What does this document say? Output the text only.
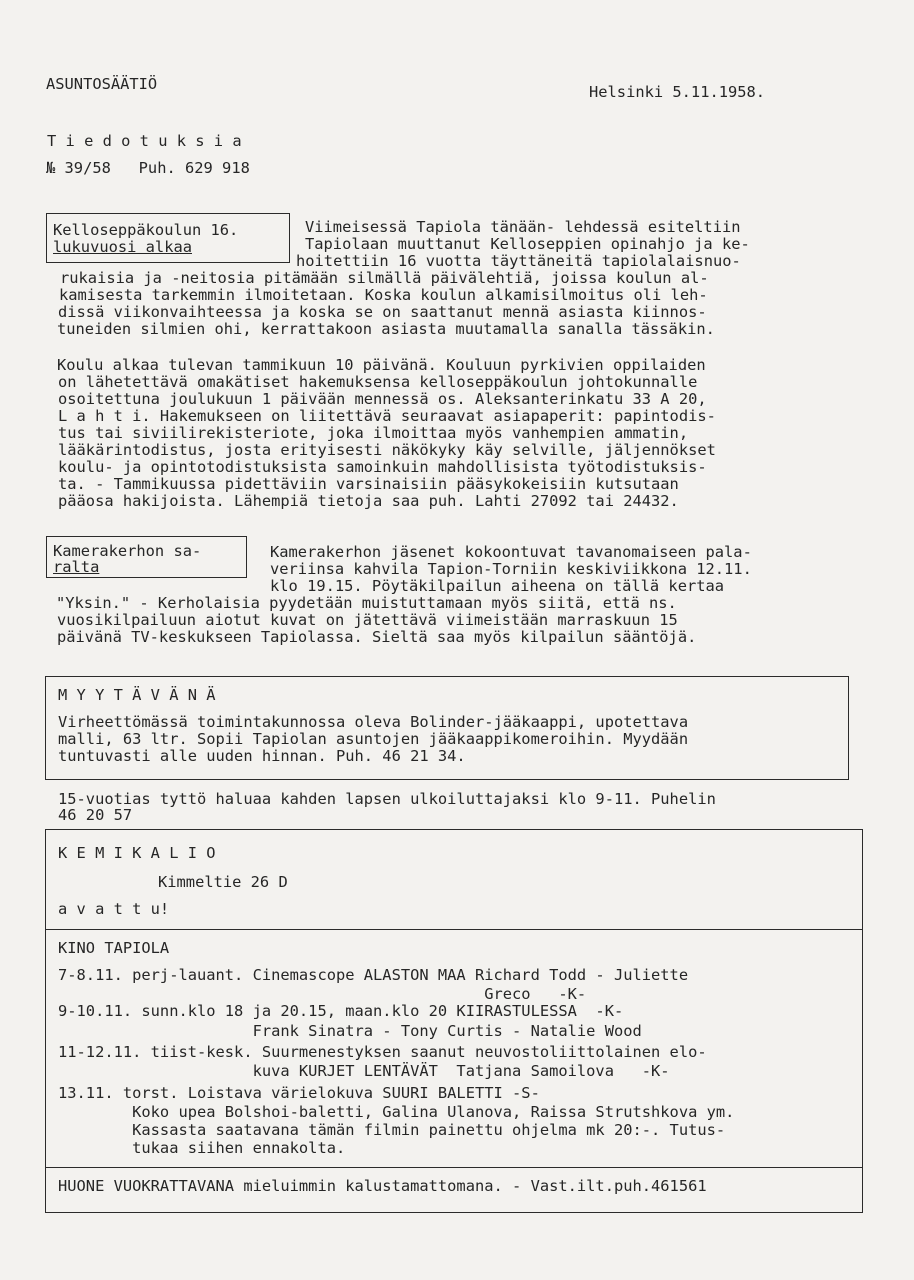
ASUNTOSÄÄTIÖ	Helsinki 5.11.1958.
T i e d o t u k s i a
№ 39/58   Puh. 629 918
Kelloseppäkoulun 16.
lukuvuosi alkaa
Viimeisessä Tapiola tänään- lehdessä esiteltiin
Tapiolaan muuttanut Kelloseppien opinahjo ja ke-
hoitettiin 16 vuotta täyttäneitä tapiolalaisnuo-
rukaisia ja -neitosia pitämään silmällä päivälehtiä, joissa koulun al-
kamisesta tarkemmin ilmoitetaan. Koska koulun alkamisilmoitus oli leh-
dissä viikonvaihteessa ja koska se on saattanut mennä asiasta kiinnos-
tuneiden silmien ohi, kerrattakoon asiasta muutamalla sanalla tässäkin.
Koulu alkaa tulevan tammikuun 10 päivänä. Kouluun pyrkivien oppilaiden
on lähetettävä omakätiset hakemuksensa kelloseppäkoulun johtokunnalle
osoitettuna joulukuun 1 päivään mennessä os. Aleksanterinkatu 33 A 20,
L a h t i. Hakemukseen on liitettävä seuraavat asiapaperit: papintodis-
tus tai siviilirekisteriote, joka ilmoittaa myös vanhempien ammatin,
lääkärintodistus, josta erityisesti näkökyky käy selville, jäljennökset
koulu- ja opintotodistuksista samoinkuin mahdollisista työtodistuksis-
ta. - Tammikuussa pidettäviin varsinaisiin pääsykokeisiin kutsutaan
pääosa hakijoista. Lähempiä tietoja saa puh. Lahti 27092 tai 24432.
Kamerakerhon sa-
ralta
Kamerakerhon jäsenet kokoontuvat tavanomaiseen pala-
veriinsa kahvila Tapion-Torniin keskiviikkona 12.11.
klo 19.15. Pöytäkilpailun aiheena on tällä kertaa
"Yksin." - Kerholaisia pyydetään muistuttamaan myös siitä, että ns.
vuosikilpailuun aiotut kuvat on jätettävä viimeistään marraskuun 15
päivänä TV-keskukseen Tapiolassa. Sieltä saa myös kilpailun sääntöjä.
M Y Y T Ä V Ä N Ä
Virheettömässä toimintakunnossa oleva Bolinder-jääkaappi, upotettava
malli, 63 ltr. Sopii Tapiolan asuntojen jääkaappikomeroihin. Myydään
tuntuvasti alle uuden hinnan. Puh. 46 21 34.
15-vuotias tyttö haluaa kahden lapsen ulkoiluttajaksi klo 9-11. Puhelin
46 20 57
K E M I K A L I O
Kimmeltie 26 D
a v a t t u!
KINO TAPIOLA
7-8.11. perj-lauant. Cinemascope ALASTON MAA Richard Todd - Juliette
Greco   -K-
9-10.11. sunn.klo 18 ja 20.15, maan.klo 20 KIIRASTULESSA  -K-
Frank Sinatra - Tony Curtis - Natalie Wood
11-12.11. tiist-kesk. Suurmenestyksen saanut neuvostoliittolainen elo-
kuva KURJET LENTÄVÄT  Tatjana Samoilova   -K-
13.11. torst. Loistava värielokuva SUURI BALETTI -S-
Koko upea Bolshoi-baletti, Galina Ulanova, Raissa Strutshkova ym.
Kassasta saatavana tämän filmin painettu ohjelma mk 20:-. Tutus-
tukaa siihen ennakolta.
HUONE VUOKRATTAVANA mieluimmin kalustamattomana. - Vast.ilt.puh.461561
